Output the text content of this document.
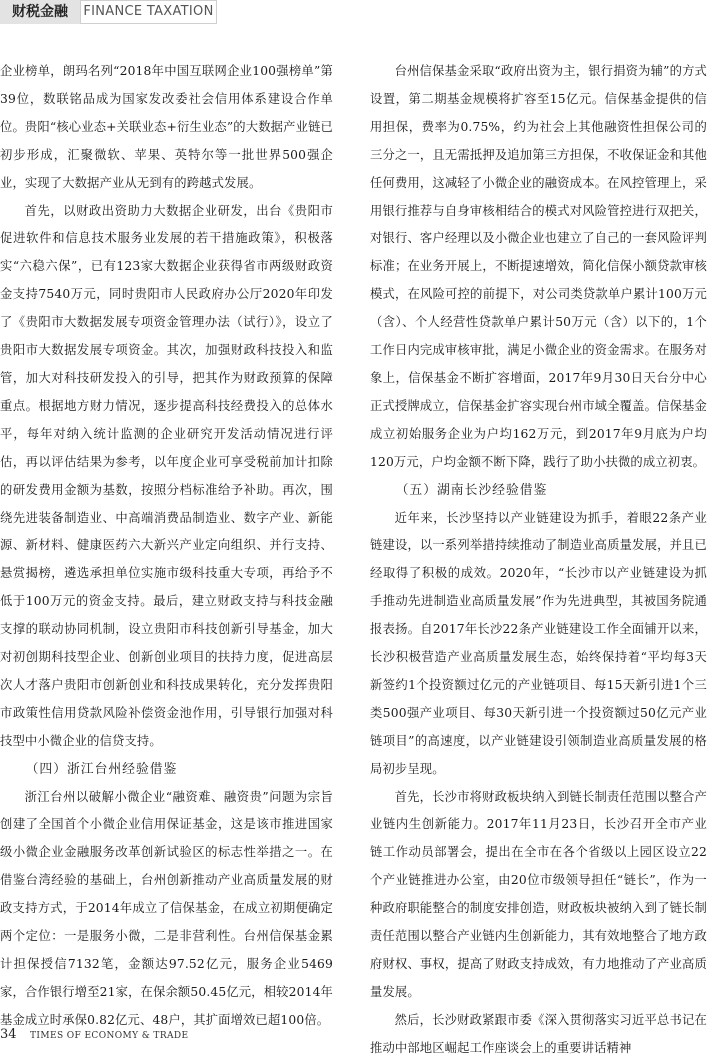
财税金融	FINANCE TAXATION

企业榜单，朗玛名列“2018年中国互联网企业100强榜单”第39位，数联铭品成为国家发改委社会信用体系建设合作单位。贵阳“核心业态+关联业态+衍生业态”的大数据产业链已初步形成，汇聚微软、苹果、英特尔等一批世界500强企业，实现了大数据产业从无到有的跨越式发展。

首先，以财政出资助力大数据企业研发，出台《贵阳市促进软件和信息技术服务业发展的若干措施政策》，积极落实“六稳六保”，已有123家大数据企业获得省市两级财政资金支持7540万元，同时贵阳市人民政府办公厅2020年印发了《贵阳市大数据发展专项资金管理办法（试行）》，设立了贵阳市大数据发展专项资金。其次，加强财政科技投入和监管，加大对科技研发投入的引导，把其作为财政预算的保障重点。根据地方财力情况，逐步提高科技经费投入的总体水平，每年对纳入统计监测的企业研究开发活动情况进行评估，再以评估结果为参考，以年度企业可享受税前加计扣除的研发费用金额为基数，按照分档标准给予补助。再次，围绕先进装备制造业、中高端消费品制造业、数字产业、新能源、新材料、健康医药六大新兴产业定向组织、并行支持、悬赏揭榜，遴选承担单位实施市级科技重大专项，再给予不低于100万元的资金支持。最后，建立财政支持与科技金融支撑的联动协同机制，设立贵阳市科技创新引导基金，加大对初创期科技型企业、创新创业项目的扶持力度，促进高层次人才落户贵阳市创新创业和科技成果转化，充分发挥贵阳市政策性信用贷款风险补偿资金池作用，引导银行加强对科技型中小微企业的信贷支持。

（四）浙江台州经验借鉴

浙江台州以破解小微企业“融资难、融资贵”问题为宗旨创建了全国首个小微企业信用保证基金，这是该市推进国家级小微企业金融服务改革创新试验区的标志性举措之一。在借鉴台湾经验的基础上，台州创新推动产业高质量发展的财政支持方式，于2014年成立了信保基金，在成立初期便确定两个定位：一是服务小微，二是非营利性。台州信保基金累计担保授信7132笔，金额达97.52亿元，服务企业5469家，合作银行增至21家，在保余额50.45亿元，相较2014年基金成立时承保0.82亿元、48户，其扩面增效已超100倍。

台州信保基金采取“政府出资为主，银行捐资为辅”的方式设置，第二期基金规模将扩容至15亿元。信保基金提供的信用担保，费率为0.75%，约为社会上其他融资性担保公司的三分之一，且无需抵押及追加第三方担保，不收保证金和其他任何费用，这减轻了小微企业的融资成本。在风控管理上，采用银行推荐与自身审核相结合的模式对风险管控进行双把关，对银行、客户经理以及小微企业也建立了自己的一套风险评判标准；在业务开展上，不断提速增效，简化信保小额贷款审核模式，在风险可控的前提下，对公司类贷款单户累计100万元（含）、个人经营性贷款单户累计50万元（含）以下的，1个工作日内完成审核审批，满足小微企业的资金需求。在服务对象上，信保基金不断扩容增面，2017年9月30日天台分中心正式授牌成立，信保基金扩容实现台州市域全覆盖。信保基金成立初始服务企业为户均162万元，到2017年9月底为户均120万元，户均金额不断下降，践行了助小扶微的成立初衷。

（五）湖南长沙经验借鉴

近年来，长沙坚持以产业链建设为抓手，着眼22条产业链建设，以一系列举措持续推动了制造业高质量发展，并且已经取得了积极的成效。2020年，“长沙市以产业链建设为抓手推动先进制造业高质量发展”作为先进典型，其被国务院通报表扬。自2017年长沙22条产业链建设工作全面铺开以来，长沙积极营造产业高质量发展生态，始终保持着“平均每3天新签约1个投资额过亿元的产业链项目、每15天新引进1个三类500强产业项目、每30天新引进一个投资额过50亿元产业链项目”的高速度，以产业链建设引领制造业高质量发展的格局初步呈现。

首先，长沙市将财政板块纳入到链长制责任范围以整合产业链内生创新能力。2017年11月23日，长沙召开全市产业链工作动员部署会，提出在全市在各个省级以上园区设立22个产业链推进办公室，由20位市级领导担任“链长”，作为一种政府职能整合的制度安排创造，财政板块被纳入到了链长制责任范围以整合产业链内生创新能力，其有效地整合了地方政府财权、事权，提高了财政支持成效，有力地推动了产业高质量发展。

然后，长沙财政紧跟市委《深入贯彻落实习近平总书记在推动中部地区崛起工作座谈会上的重要讲话精神

34 TIMES OF ECONOMY & TRADE
